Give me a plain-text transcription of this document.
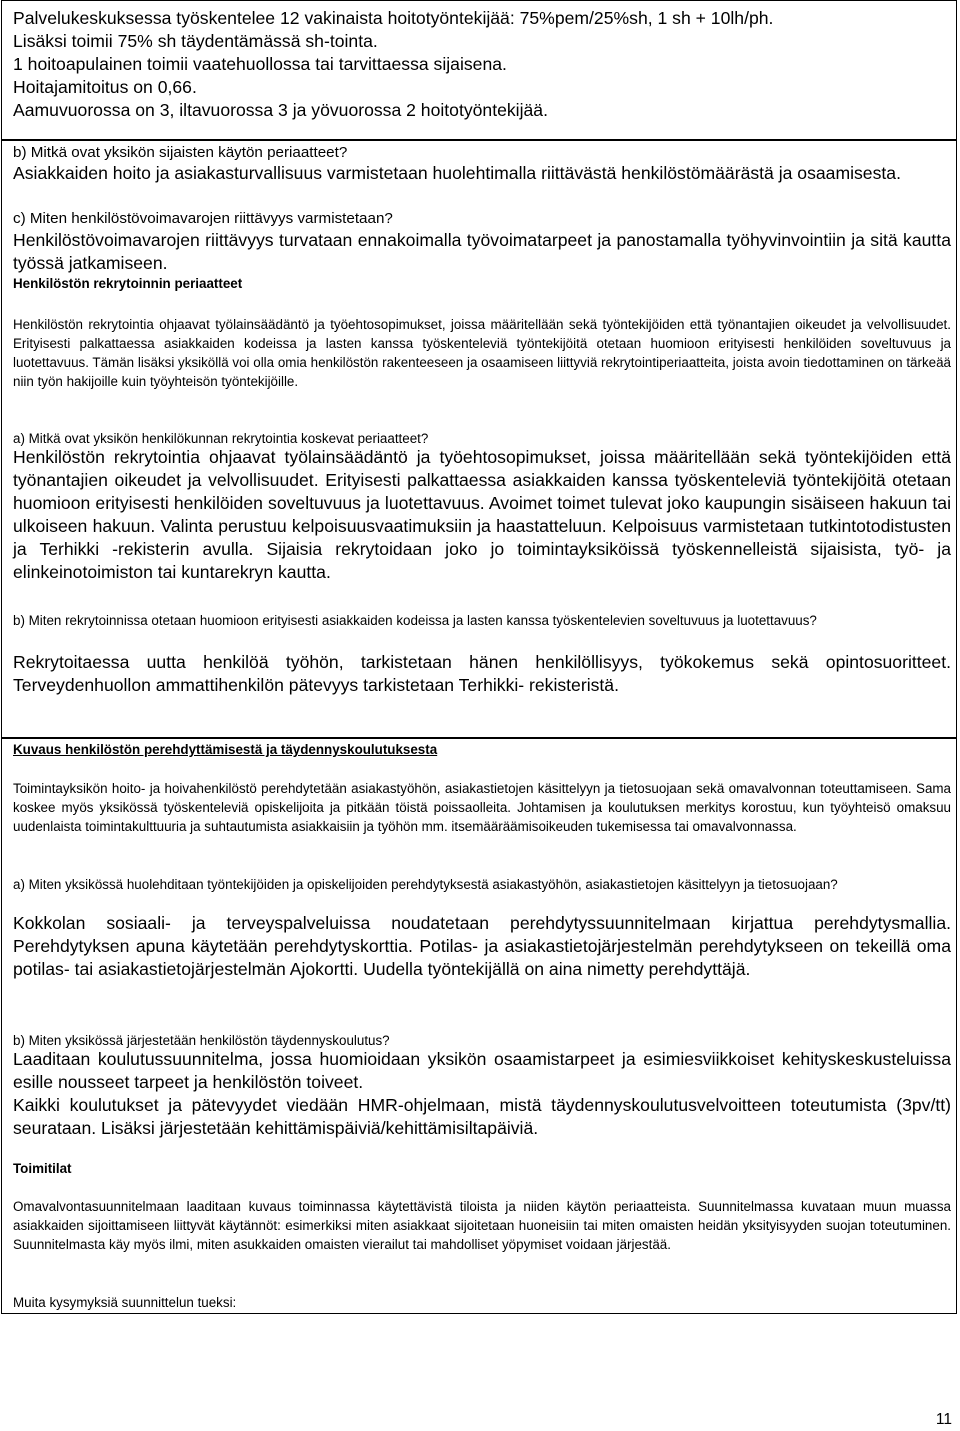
Palvelukeskuksessa työskentelee 12 vakinaista hoitotyöntekijää: 75%pem/25%sh, 1 sh + 10lh/ph.

Lisäksi toimii 75% sh täydentämässä sh-tointa.

1 hoitoapulainen toimii vaatehuollossa tai tarvittaessa sijaisena.

Hoitajamitoitus on 0,66.

Aamuvuorossa on 3, iltavuorossa 3 ja yövuorossa 2 hoitotyöntekijää.

b) Mitkä ovat yksikön sijaisten käytön periaatteet?

Asiakkaiden hoito ja asiakasturvallisuus varmistetaan huolehtimalla riittävästä henkilöstömäärästä ja osaamisesta.

c) Miten henkilöstövoimavarojen riittävyys varmistetaan?

Henkilöstövoimavarojen riittävyys turvataan ennakoimalla työvoimatarpeet ja panostamalla työhyvinvointiin ja sitä kautta työssä jatkamiseen.

Henkilöstön rekrytoinnin periaatteet

Henkilöstön rekrytointia ohjaavat työlainsäädäntö ja työehtosopimukset, joissa määritellään sekä työntekijöiden että työnantajien oikeudet ja velvollisuudet. Erityisesti palkattaessa asiakkaiden kodeissa ja lasten kanssa työskenteleviä työntekijöitä otetaan huomioon erityisesti henkilöiden soveltuvuus ja luotettavuus. Tämän lisäksi yksiköllä voi olla omia henkilöstön rakenteeseen ja osaamiseen liittyviä rekrytointiperiaatteita, joista avoin tiedottaminen on tärkeää niin työn hakijoille kuin työyhteisön työntekijöille.

a) Mitkä ovat yksikön henkilökunnan rekrytointia koskevat periaatteet?

Henkilöstön rekrytointia ohjaavat työlainsäädäntö ja työehtosopimukset, joissa määritellään sekä työntekijöiden että työnantajien oikeudet ja velvollisuudet. Erityisesti palkattaessa asiakkaiden kanssa työskenteleviä työntekijöitä otetaan huomioon erityisesti henkilöiden soveltuvuus ja luotettavuus. Avoimet toimet tulevat joko kaupungin sisäiseen hakuun tai ulkoiseen hakuun. Valinta perustuu kelpoisuusvaatimuksiin ja haastatteluun. Kelpoisuus varmistetaan tutkintotodistusten ja Terhikki -rekisterin avulla. Sijaisia rekrytoidaan joko jo toimintayksiköissä työskennelleistä sijaisista, työ- ja elinkeinotoimiston tai kuntarekryn kautta.

b) Miten rekrytoinnissa otetaan huomioon erityisesti asiakkaiden kodeissa ja lasten kanssa työskentelevien soveltuvuus ja luotettavuus?

Rekrytoitaessa uutta henkilöä työhön, tarkistetaan hänen henkilöllisyys, työkokemus sekä opintosuoritteet. Terveydenhuollon ammattihenkilön pätevyys tarkistetaan Terhikki- rekisteristä.

Kuvaus henkilöstön perehdyttämisestä ja täydennyskoulutuksesta

Toimintayksikön hoito- ja hoivahenkilöstö perehdytetään asiakastyöhön, asiakastietojen käsittelyyn ja tietosuojaan sekä omavalvonnan toteuttamiseen. Sama koskee myös yksikössä työskenteleviä opiskelijoita ja pitkään töistä poissaolleita. Johtamisen ja koulutuksen merkitys korostuu, kun työyhteisö omaksuu uudenlaista toimintakulttuuria ja suhtautumista asiakkaisiin ja työhön mm. itsemääräämisoikeuden tukemisessa tai omavalvonnassa.

a) Miten yksikössä huolehditaan työntekijöiden ja opiskelijoiden perehdytyksestä asiakastyöhön, asiakastietojen käsittelyyn ja tietosuojaan?

Kokkolan sosiaali- ja terveyspalveluissa noudatetaan perehdytyssuunnitelmaan kirjattua perehdytysmallia. Perehdytyksen apuna käytetään perehdytyskorttia. Potilas- ja asiakastietojärjestelmän perehdytykseen on tekeillä oma potilas- tai asiakastietojärjestelmän Ajokortti. Uudella työntekijällä on aina nimetty perehdyttäjä.

b) Miten yksikössä järjestetään henkilöstön täydennyskoulutus?

Laaditaan koulutussuunnitelma, jossa huomioidaan yksikön osaamistarpeet ja esimiesviikkoiset kehityskeskusteluissa esille nousseet tarpeet ja henkilöstön toiveet.

Kaikki koulutukset ja pätevyydet viedään HMR-ohjelmaan, mistä täydennyskoulutusvelvoitteen toteutumista (3pv/tt) seurataan. Lisäksi järjestetään kehittämispäiviä/kehittämisiltapäiviä.

Toimitilat

Omavalvontasuunnitelmaan laaditaan kuvaus toiminnassa käytettävistä tiloista ja niiden käytön periaatteista. Suunnitelmassa kuvataan muun muassa asiakkaiden sijoittamiseen liittyvät käytännöt: esimerkiksi miten asiakkaat sijoitetaan huoneisiin tai miten omaisten heidän yksityisyyden suojan toteutuminen. Suunnitelmasta käy myös ilmi, miten asukkaiden omaisten vierailut tai mahdolliset yöpymiset voidaan järjestää.

Muita kysymyksiä suunnittelun tueksi:

11
